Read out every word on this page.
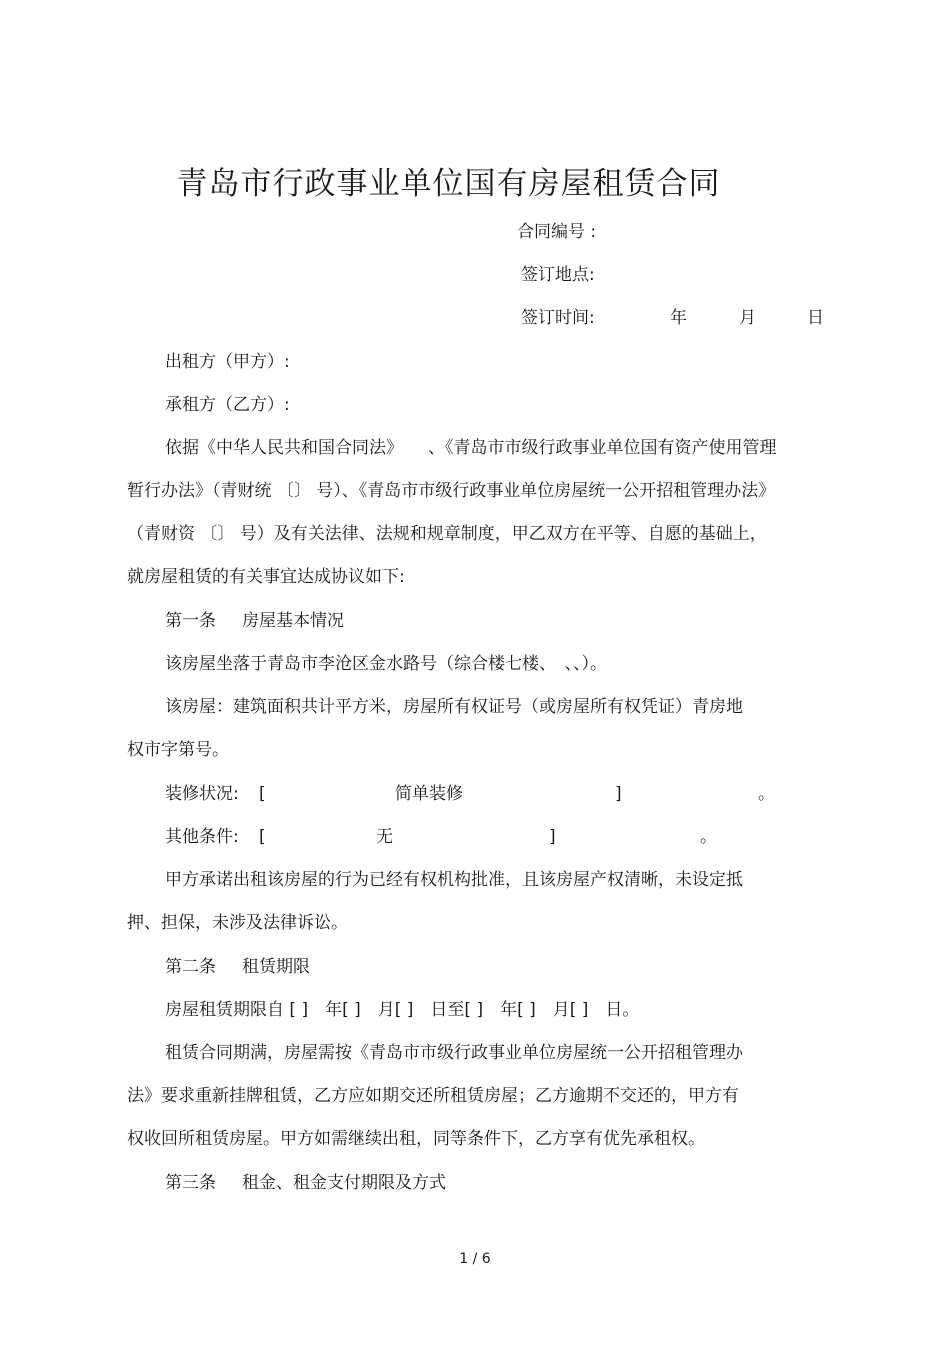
青岛市行政事业单位国有房屋租赁合同
合同编号 :
签订地点:
签订时间:	年	月	日
出租方（甲方）:
承租方（乙方）:
依据《中华人民共和国合同法》 、《青岛市市级行政事业单位国有资产使用管理
暂行办法》（青财统 〔〕 号）、《青岛市市级行政事业单位房屋统一公开招租管理办法》
（青财资 〔〕 号）及有关法律、法规和规章制度，甲乙双方在平等、自愿的基础上，
就房屋租赁的有关事宜达成协议如下:
第一条 房屋基本情况
该房屋坐落于青岛市李沧区金水路号（综合楼七楼、　、、）。
该房屋：建筑面积共计平方米，房屋所有权证号（或房屋所有权凭证）青房地
权市字第号。
装修状况: [	简单装修	]	。
其他条件: [	无	]	。
甲方承诺出租该房屋的行为已经有权机构批准，且该房屋产权清晰，未设定抵
押、担保，未涉及法律诉讼。
第二条 租赁期限
房屋租赁期限自 [ ]　年[ ]　月[ ]　日至[ ]　年[ ]　月[ ]　日。
租赁合同期满，房屋需按《青岛市市级行政事业单位房屋统一公开招租管理办
法》要求重新挂牌租赁，乙方应如期交还所租赁房屋；乙方逾期不交还的，甲方有
权收回所租赁房屋。甲方如需继续出租，同等条件下，乙方享有优先承租权。
第三条 租金、租金支付期限及方式
1 / 6
